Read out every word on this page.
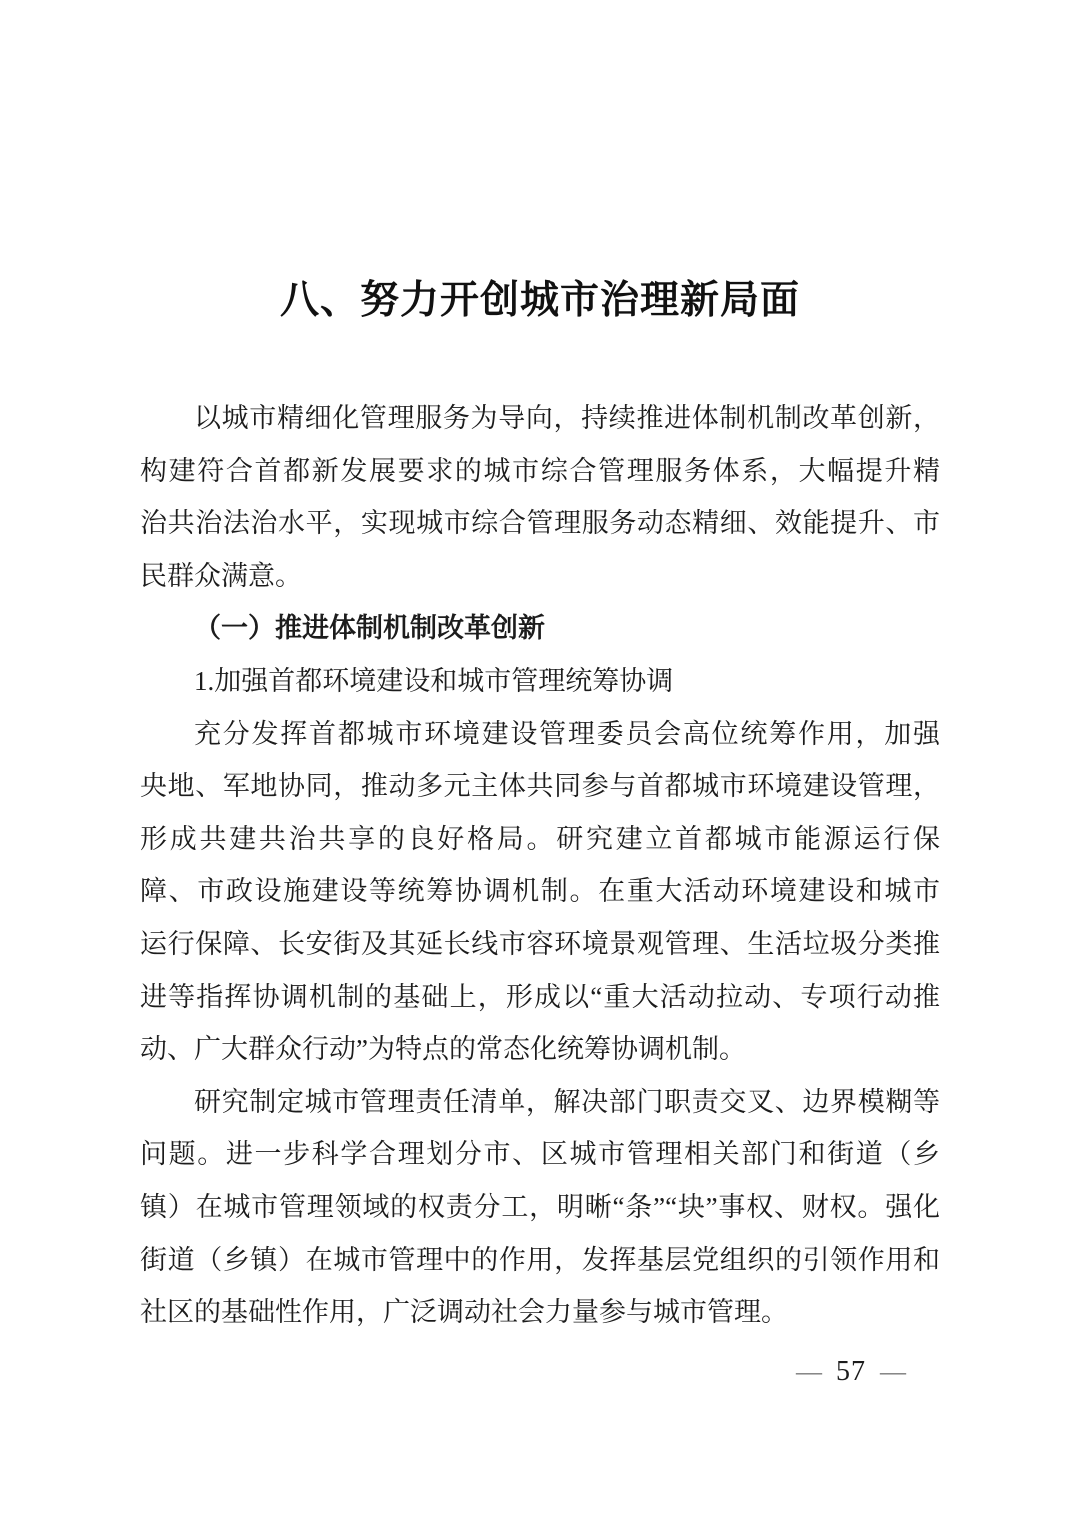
八、努力开创城市治理新局面
以城市精细化管理服务为导向，持续推进体制机制改革创新，
构建符合首都新发展要求的城市综合管理服务体系，大幅提升精
治共治法治水平，实现城市综合管理服务动态精细、效能提升、市
民群众满意。
（一）推进体制机制改革创新
1.加强首都环境建设和城市管理统筹协调
充分发挥首都城市环境建设管理委员会高位统筹作用，加强
央地、军地协同，推动多元主体共同参与首都城市环境建设管理，
形成共建共治共享的良好格局。研究建立首都城市能源运行保
障、市政设施建设等统筹协调机制。在重大活动环境建设和城市
运行保障、长安街及其延长线市容环境景观管理、生活垃圾分类推
进等指挥协调机制的基础上，形成以“重大活动拉动、专项行动推
动、广大群众行动”为特点的常态化统筹协调机制。
研究制定城市管理责任清单，解决部门职责交叉、边界模糊等
问题。进一步科学合理划分市、区城市管理相关部门和街道（乡
镇）在城市管理领域的权责分工，明晰“条”“块”事权、财权。强化
街道（乡镇）在城市管理中的作用，发挥基层党组织的引领作用和
社区的基础性作用，广泛调动社会力量参与城市管理。
— 57 —
